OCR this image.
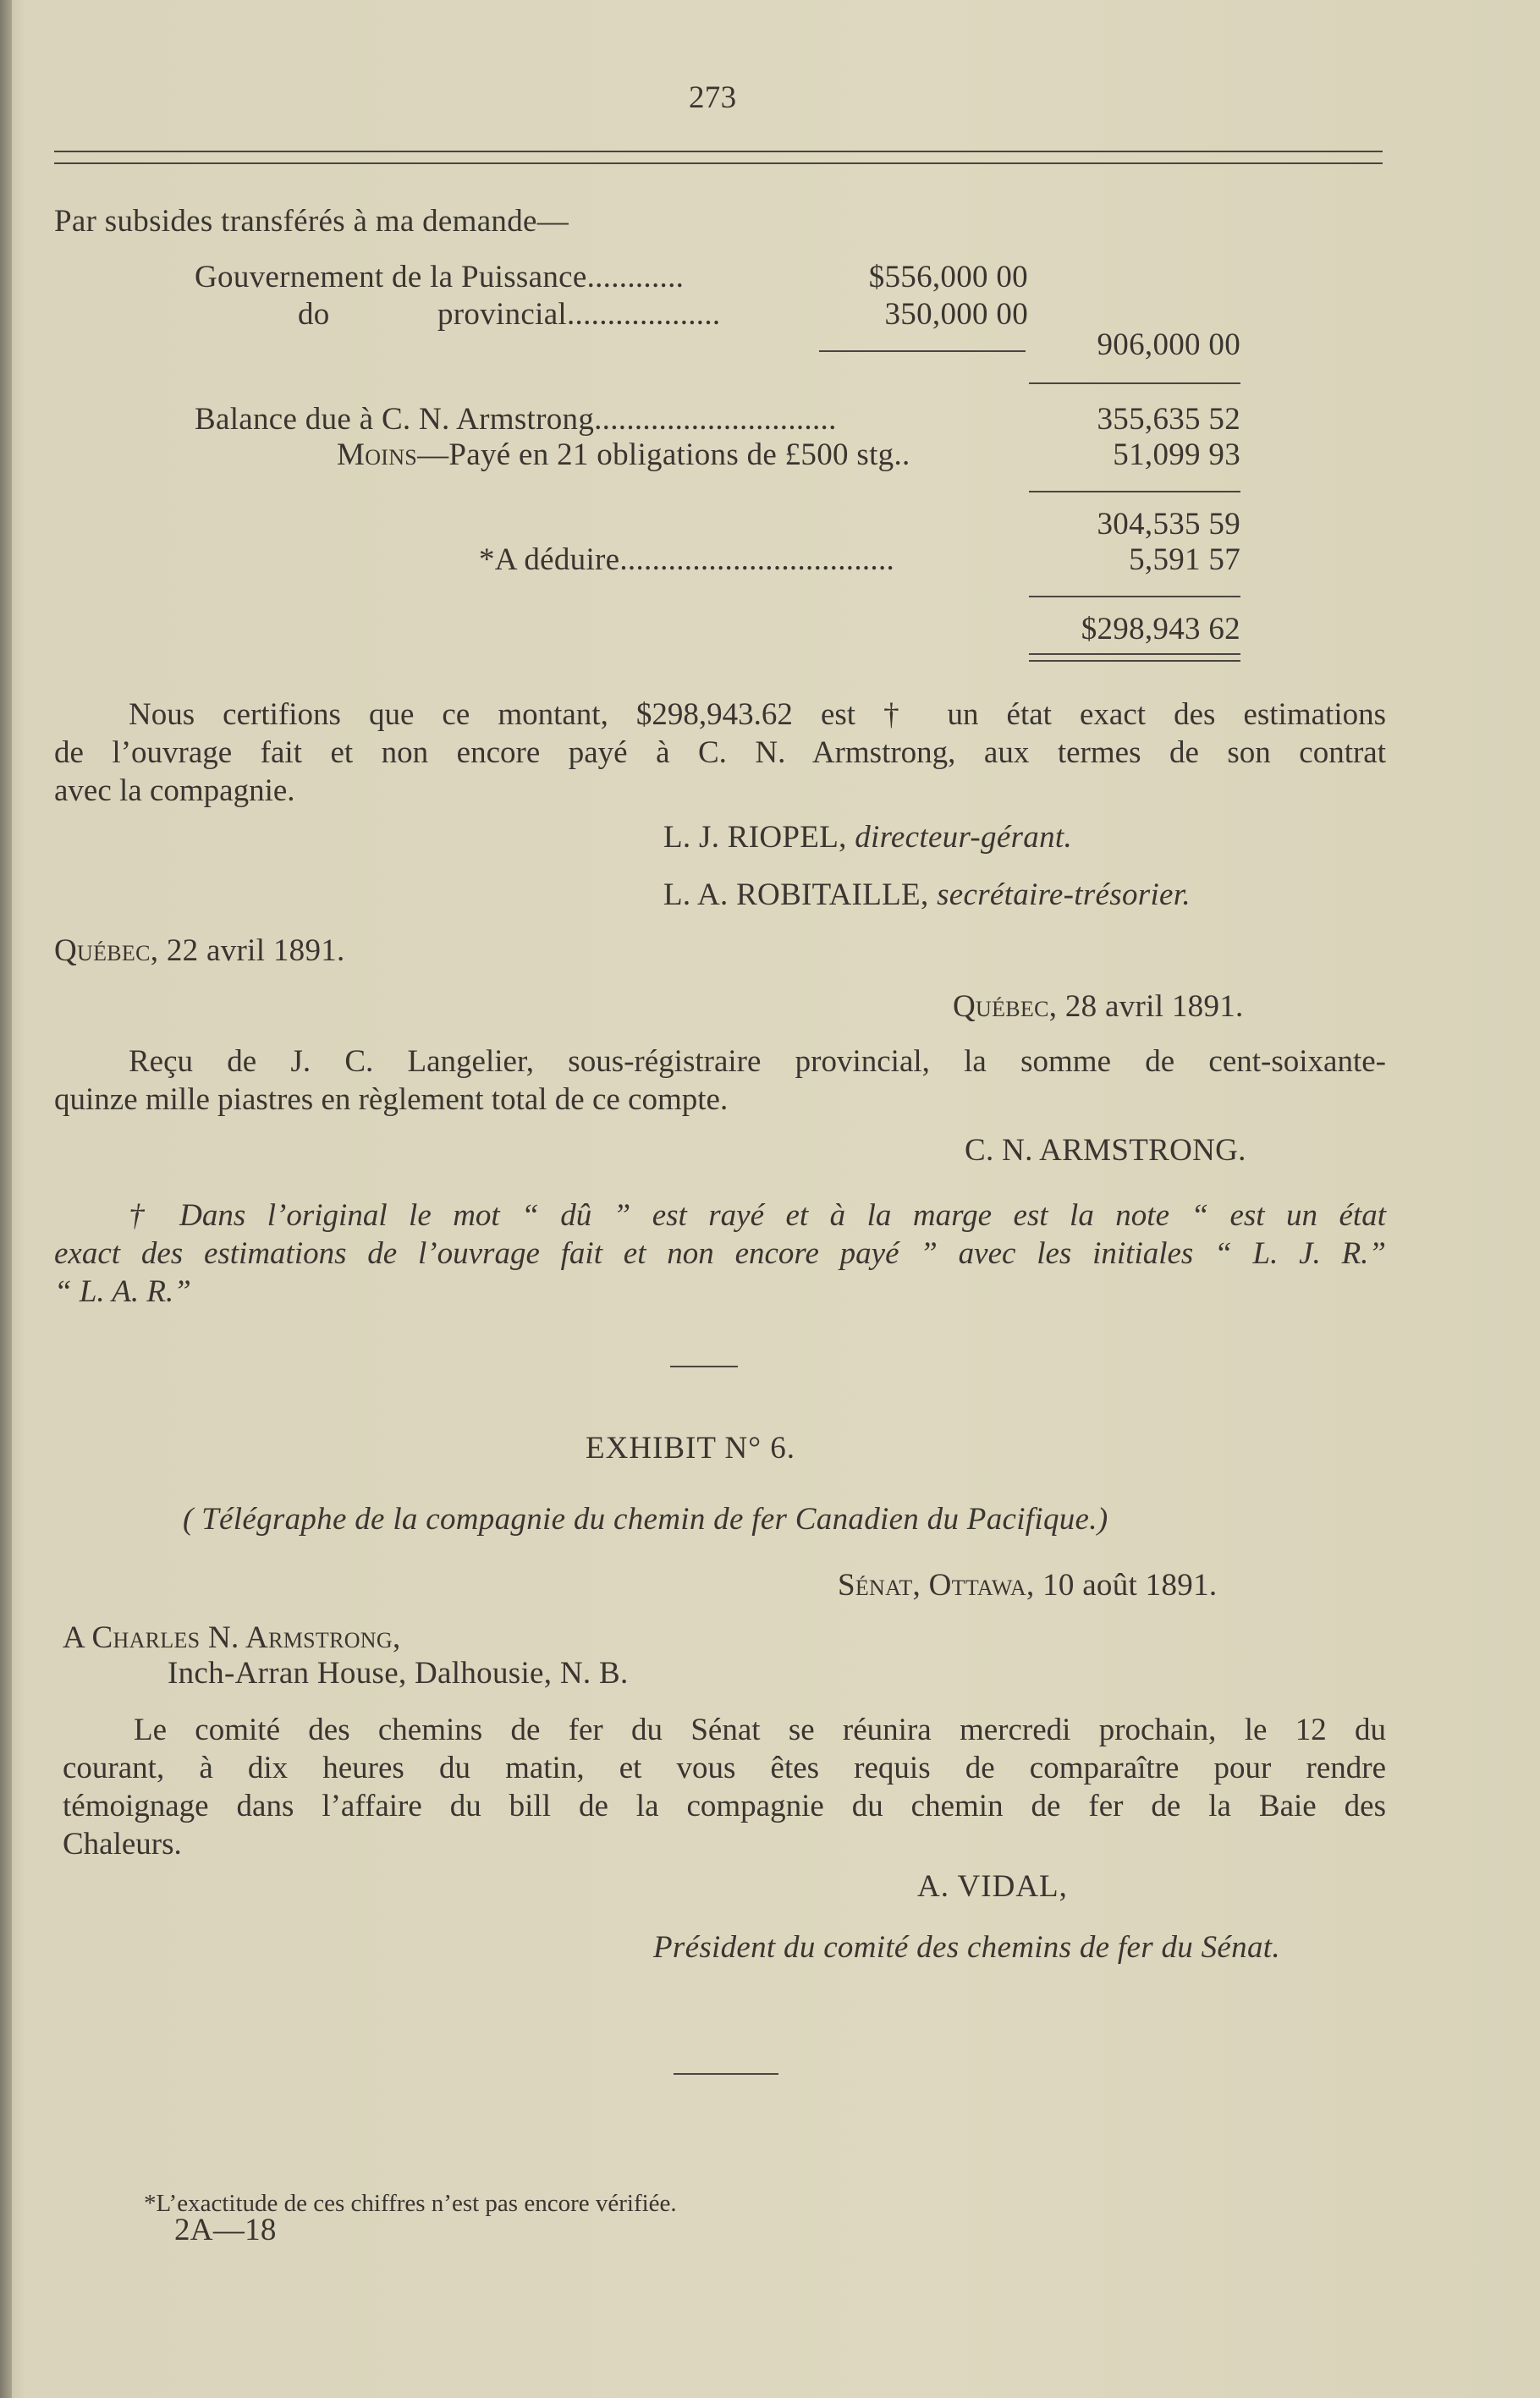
273
Par subsides transférés à ma demande—
Gouvernement de la Puissance............	$556,000 00
do	provincial...................	350,000 00
906,000 00
Balance due à C. N. Armstrong..............................	355,635 52
Moins—Payé en 21 obligations de £500 stg..	51,099 93
304,535 59
*A déduire..................................	5,591 57
$298,943 62
Nous certifions que ce montant, $298,943.62 est † un état exact des estimations
de l’ouvrage fait et non encore payé à C. N. Armstrong, aux termes de son contrat
avec la compagnie.
L. J. RIOPEL, directeur-gérant.
L. A. ROBITAILLE, secrétaire-trésorier.
Québec, 22 avril 1891.
Québec, 28 avril 1891.
Reçu de J. C. Langelier, sous-régistraire provincial, la somme de cent-soixante-
quinze mille piastres en règlement total de ce compte.
C. N. ARMSTRONG.
† Dans l’original le mot “ dû ” est rayé et à la marge est la note “ est un état
exact des estimations de l’ouvrage fait et non encore payé ” avec les initiales “ L. J. R.”
“ L. A. R.”
EXHIBIT N° 6.
( Télégraphe de la compagnie du chemin de fer Canadien du Pacifique.)
Sénat, Ottawa, 10 août 1891.
A Charles N. Armstrong,
Inch-Arran House, Dalhousie, N. B.
Le comité des chemins de fer du Sénat se réunira mercredi prochain, le 12 du
courant, à dix heures du matin, et vous êtes requis de comparaître pour rendre
témoignage dans l’affaire du bill de la compagnie du chemin de fer de la Baie des
Chaleurs.
A. VIDAL,
Président du comité des chemins de fer du Sénat.
*L’exactitude de ces chiffres n’est pas encore vérifiée.
2A—18
